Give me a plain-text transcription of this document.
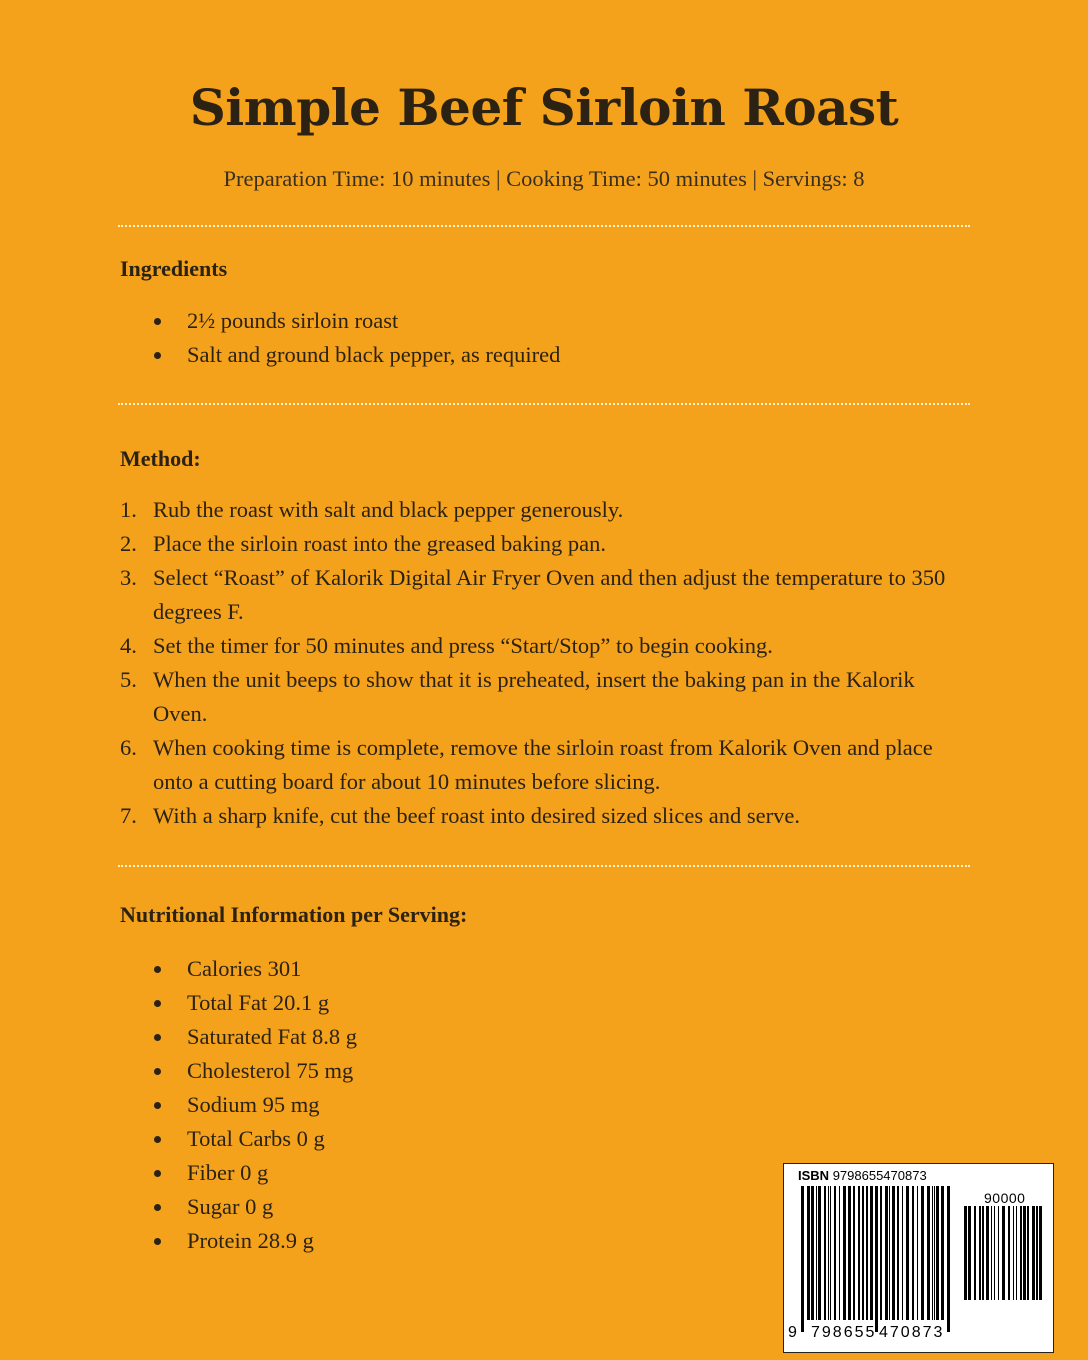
Simple Beef Sirloin Roast
Preparation Time: 10 minutes | Cooking Time: 50 minutes | Servings: 8
Ingredients
2½ pounds sirloin roast
Salt and ground black pepper, as required
Method:
1. Rub the roast with salt and black pepper generously.
2. Place the sirloin roast into the greased baking pan.
3. Select “Roast” of Kalorik Digital Air Fryer Oven and then adjust the temperature to 350 degrees F.
4. Set the timer for 50 minutes and press “Start/Stop” to begin cooking.
5. When the unit beeps to show that it is preheated, insert the baking pan in the Kalorik Oven.
6. When cooking time is complete, remove the sirloin roast from Kalorik Oven and place onto a cutting board for about 10 minutes before slicing.
7. With a sharp knife, cut the beef roast into desired sized slices and serve.
Nutritional Information per Serving:
Calories 301
Total Fat 20.1 g
Saturated Fat 8.8 g
Cholesterol 75 mg
Sodium 95 mg
Total Carbs 0 g
Fiber 0 g
Sugar 0 g
Protein 28.9 g
ISBN 9798655470873
90000
9 798655 470873
